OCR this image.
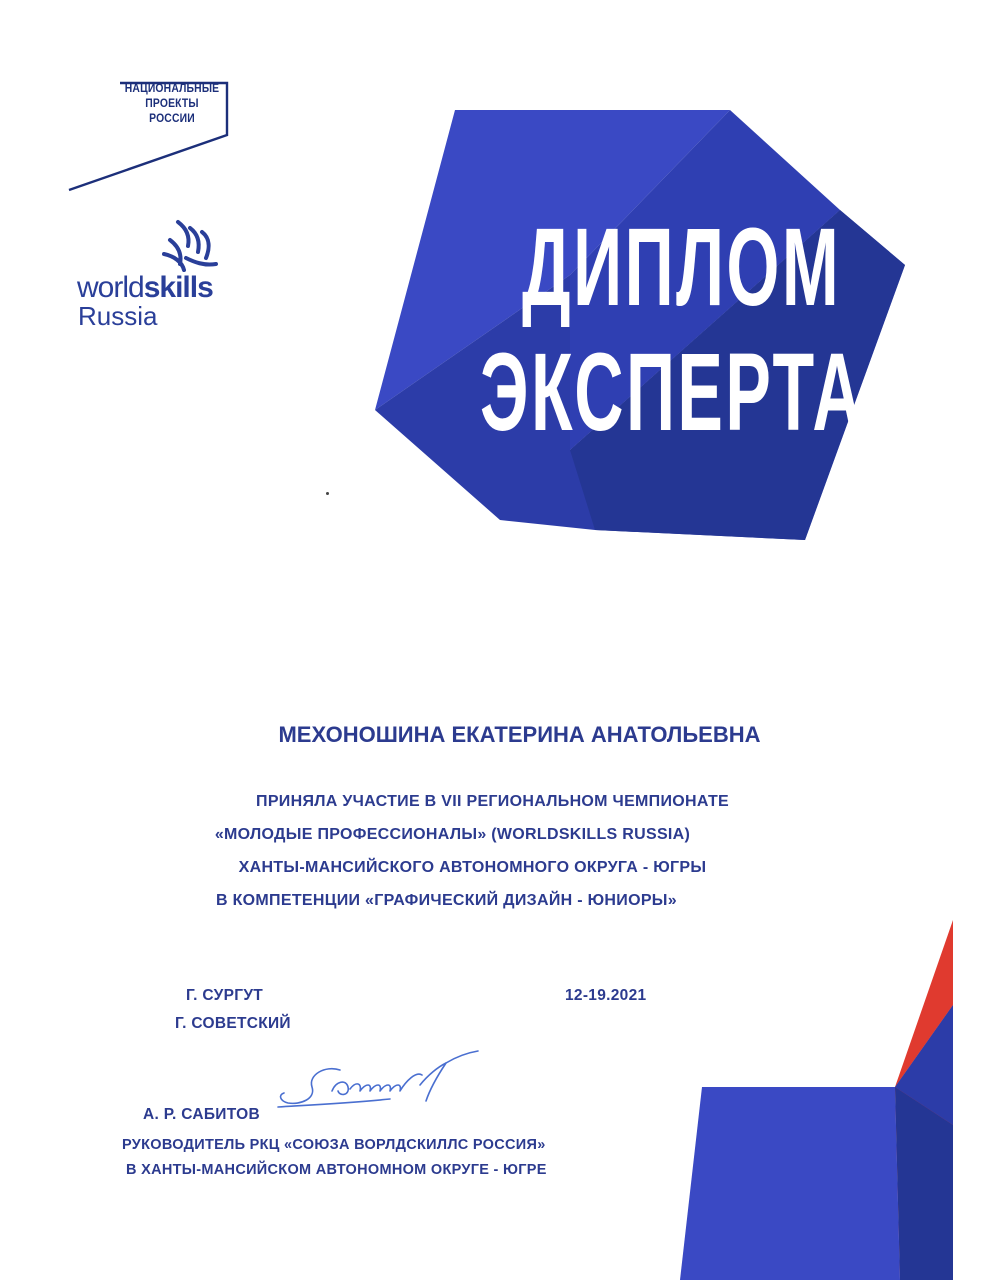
НАЦИОНАЛЬНЫЕ
ПРОЕКТЫ
РОССИИ
worldskills
Russia	ДИПЛОМ
ЭКСПЕРТА
МЕХОНОШИНА ЕКАТЕРИНА АНАТОЛЬЕВНА
ПРИНЯЛА УЧАСТИЕ В VII РЕГИОНАЛЬНОМ ЧЕМПИОНАТЕ
«МОЛОДЫЕ ПРОФЕССИОНАЛЫ» (WORLDSKILLS RUSSIA)
ХАНТЫ-МАНСИЙСКОГО АВТОНОМНОГО ОКРУГА - ЮГРЫ
В КОМПЕТЕНЦИИ «ГРАФИЧЕСКИЙ ДИЗАЙН - ЮНИОРЫ»
Г. СУРГУТ
Г. СОВЕТСКИЙ
12-19.2021
А. Р. САБИТОВ
РУКОВОДИТЕЛЬ РКЦ «СОЮЗА ВОРЛДСКИЛЛС РОССИЯ»
В ХАНТЫ-МАНСИЙСКОМ АВТОНОМНОМ ОКРУГЕ - ЮГРЕ
